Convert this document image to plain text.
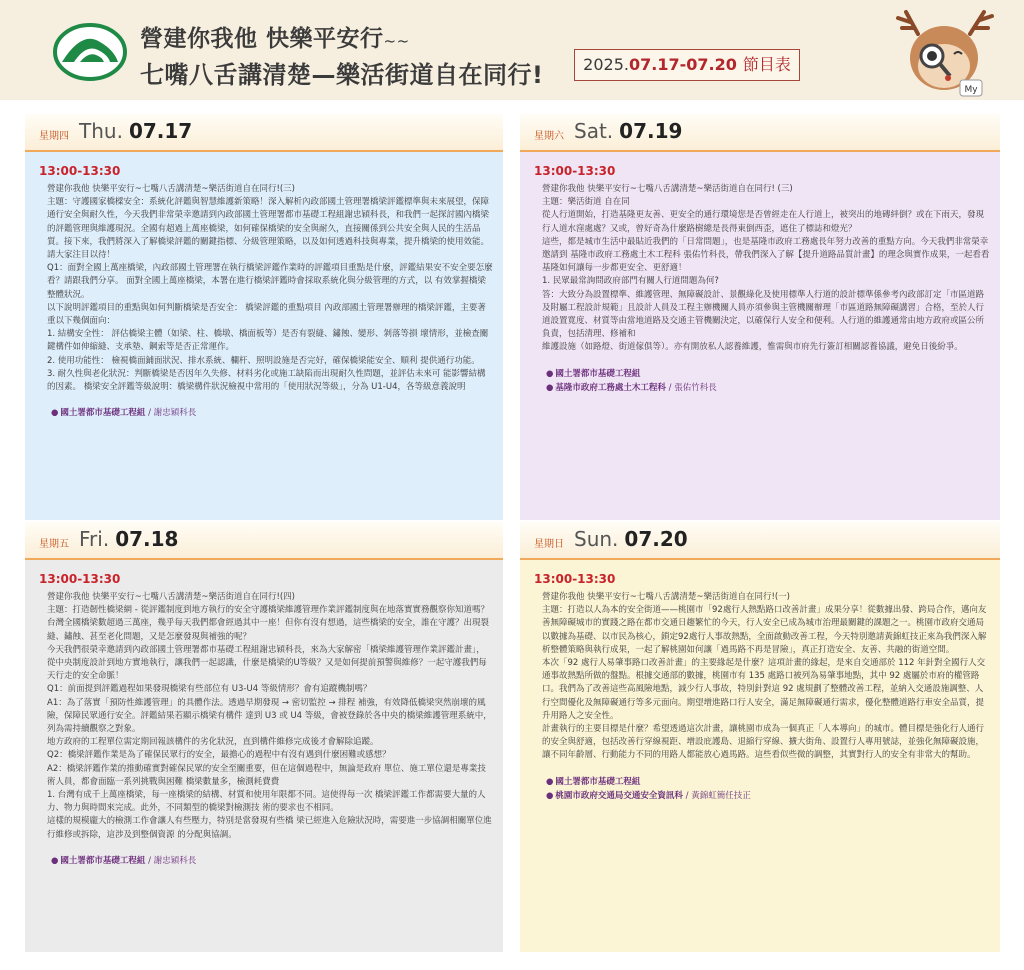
營建你我他 快樂平安行~~
七嘴八舌講清楚—樂活街道自在同行!	2025.07.17-07.20 節目表
My
星期四 Thu. 07.17
13:00-13:30

營建你我他 快樂平安行~七嘴八舌講清楚~樂活街道自在同行!(三)

主題：守護國家橋樑安全：系統化評鑑與智慧維護新策略！深入解析內政部國土管理署橋梁評鑑標準與未來展望，保障通行安全與耐久性，今天我們非常榮幸邀請到內政部國土管理署都市基礎工程組謝忠穎科長，和我們一起探討國內橋梁的評鑑管理與維護現況。全國有超過上萬座橋梁，如何確保橋梁的安全與耐久，直接關係到公共安全與人民的生活品質。接下來，我們將深入了解橋梁評鑑的關鍵指標、分級管理策略，以及如何透過科技與專業，提升橋梁的使用效能。請大家注目以待！

Q1：面對全國上萬座橋梁，內政部國土管理署在執行橋梁評鑑作業時的評鑑項目重點是什麼，評鑑結果安不安全要怎麼看？請跟我們分享。 面對全國上萬座橋梁，本署在進行橋梁評鑑時會採取系統化與分級管理的方式，以 有效掌握橋梁整體狀況。

以下說明評鑑項目的重點與如何判斷橋梁是否安全： 橋梁評鑑的重點項目 內政部國土管理署辦理的橋梁評鑑，主要著重以下幾個面向：

1. 結構安全性： 評估橋梁主體（如梁、柱、橋墩、橋面板等）是否有裂縫、鏽蝕、變形、剝落等損 壞情形，並檢查關鍵構件如伸縮縫、支承墊、鋼索等是否正常運作。

2. 使用功能性： 檢視橋面鋪面狀況、排水系統、欄杆、照明設施是否完好，確保橋梁能安全、順利 提供通行功能。

3. 耐久性與老化狀況：判斷橋梁是否因年久失修、材料劣化或施工缺陷而出現耐久性問題，並評估未來可 能影響結構的因素。 橋梁安全評鑑等級說明：橋梁構件狀況檢視中常用的「使用狀況等級」，分為 U1-U4，各等級意義說明

● 國土署都市基礎工程組 / 謝忠穎科長
星期六 Sat. 07.19
13:00-13:30

營建你我他 快樂平安行~七嘴八舌講清楚~樂活街道自在同行! (三)

主題：樂活街道 自在同

從人行道開始，打造基隆更友善、更安全的通行環境您是否曾經走在人行道上，被突出的地磚絆倒？或在下雨天，發現行人道水窪處處？又或，曾好奇為什麼路樹總是長得東倒西歪，遮住了標誌和燈光？

這些，都是城市生活中最貼近我們的「日常問題」，也是基隆市政府工務處長年努力改善的重點方向。今天我們非常榮幸邀請到 基隆市政府工務處土木工程科 張佑竹科長，帶我們深入了解【提升道路品質計畫】的理念與實作成果，一起看看基隆如何讓每一步都更安全、更舒適！

1. 民眾最常詢問政府部門有關人行道問題為何?

答：大致分為設置標準、維護管理、無障礙設計、景觀綠化及使用標準人行道的設計標準係參考內政部訂定「市區道路及附屬工程設計規範」且設計人員及工程主辦機關人員亦須參與主管機關辦理「市區道路無障礙講習」合格，至於人行道設置寬度、材質等由當地道路及交通主管機關決定，以確保行人安全和便利。人行道的維護通常由地方政府或區公所負責，包括清理、修補和

維護設施（如路燈、街道傢俱等）。亦有開放私人認養維護，惟需與市府先行簽訂相關認養協議，避免日後紛爭。

● 國土署都市基礎工程組
● 基隆市政府工務處土木工程科 / 張佑竹科長
星期五 Fri. 07.18
13:00-13:30

營建你我他 快樂平安行~七嘴八舌講清楚~樂活街道自在同行!(四)

主題：打造韌性橋梁網 - 從評鑑制度到地方執行的安全守護橋梁維護管理作業評鑑制度與在地落實實務觀察你知道嗎？台灣全國橋梁數超過三萬座，幾乎每天我們都會經過其中一座！但你有沒有想過，這些橋梁的安全，誰在守護？出現裂縫、鏽蝕、甚至老化問題，又是怎麼發現與補強的呢？

今天我們很榮幸邀請到內政部國土管理署都市基礎工程組謝忠穎科長，來為大家解密「橋梁維護管理作業評鑑計畫」，從中央制度設計到地方實地執行，讓我們一起認識，什麼是橋梁的U等級？又是如何提前預警與維修？一起守護我們每天行走的安全命脈！

Q1：前面提到評鑑過程如果發現橋梁有些部位有 U3-U4 等級情形？會有追蹤機制嗎？

A1：為了落實「預防性維護管理」的具體作法。透過早期發現 → 密切監控 → 排程 補強，有效降低橋梁突然崩壞的風險，保障民眾通行安全。評鑑結果若顯示橋梁有構件 達到 U3 或 U4 等級，會被登錄於各中央的橋梁維護管理系統中，列為需持續觀察之對象。

地方政府的工程單位需定期回報該構件的劣化狀況，直到構件維修完成後才會解除追蹤。

Q2：橋梁評鑑作業是為了確保民眾行的安全，最擔心的過程中有沒有遇到什麼困難或感想？

A2：橋梁評鑑作業的推動確實對確保民眾的安全至關重要，但在這個過程中，無論是政府 單位、施工單位還是專業技術人員，都會面臨一系列挑戰與困難 橋梁數量多，檢測耗費費

1. 台灣有成千上萬座橋梁，每一座橋梁的結構、材質和使用年限都不同。這使得每一次 橋梁評鑑工作都需要大量的人力、物力與時間來完成。此外，不同類型的橋梁對檢測技 術的要求也不相同。

這樣的規模龐大的檢測工作會讓人有些壓力，特別是當發現有些橋 梁已經進入危險狀況時，需要進一步協調相關單位進行維修或拆除，這涉及到整個資源 的分配與協調。

● 國土署都市基礎工程組 / 謝忠穎科長
星期日 Sun. 07.20
13:00-13:30

營建你我他 快樂平安行~七嘴八舌講清楚~樂活街道自在同行!(一)

主題：打造以人為本的安全街道——桃園市「92處行人熱點路口改善計畫」成果分享！從數據出發、跨局合作，邁向友善無障礙城市的實踐之路在都市交通日趨繁忙的今天，行人安全已成為城市治理最關鍵的課題之一。桃園市政府交通局以數據為基礎、以市民為核心，鎖定92處行人事故熱點，全面啟動改善工程，今天特別邀請黃錦虹技正來為我們深入解析整體策略與執行成果，一起了解桃園如何讓「過馬路不再是冒險」，真正打造安全、友善、共融的街道空間。

本次「92 處行人易肇事路口改善計畫」的主要緣起是什麼？這項計畫的緣起，是來自交通部於 112 年針對全國行人交通事故熱點所做的盤點。根據交通部的數據，桃園市有 135 處路口被列為易肇事地點，其中 92 處屬於市府的權管路口。我們為了改善這些高風險地點，減少行人事故，特別針對這 92 處規劃了整體改善工程，並納入交通設施調整、人行空間優化及無障礙通行等多元面向。期望增進路口行人安全，滿足無障礙通行需求，優化整體道路行車安全品質，提升用路人之安全性。

計畫執行的主要目標是什麼？希望透過這次計畫，讓桃園市成為一個真正「人本導向」的城市。體目標是強化行人通行的安全與舒適，包括改善行穿線視距、增設庇護島、退縮行穿線、擴大街角、設置行人專用號誌，並強化無障礙設施，讓不同年齡層、行動能力不同的用路人都能放心過馬路。這些看似些微的調整，其實對行人的安全有非常大的幫助。

● 國土署都市基礎工程組
● 桃園市政府交通局交通安全資訊科 / 黃錦虹簡任技正
